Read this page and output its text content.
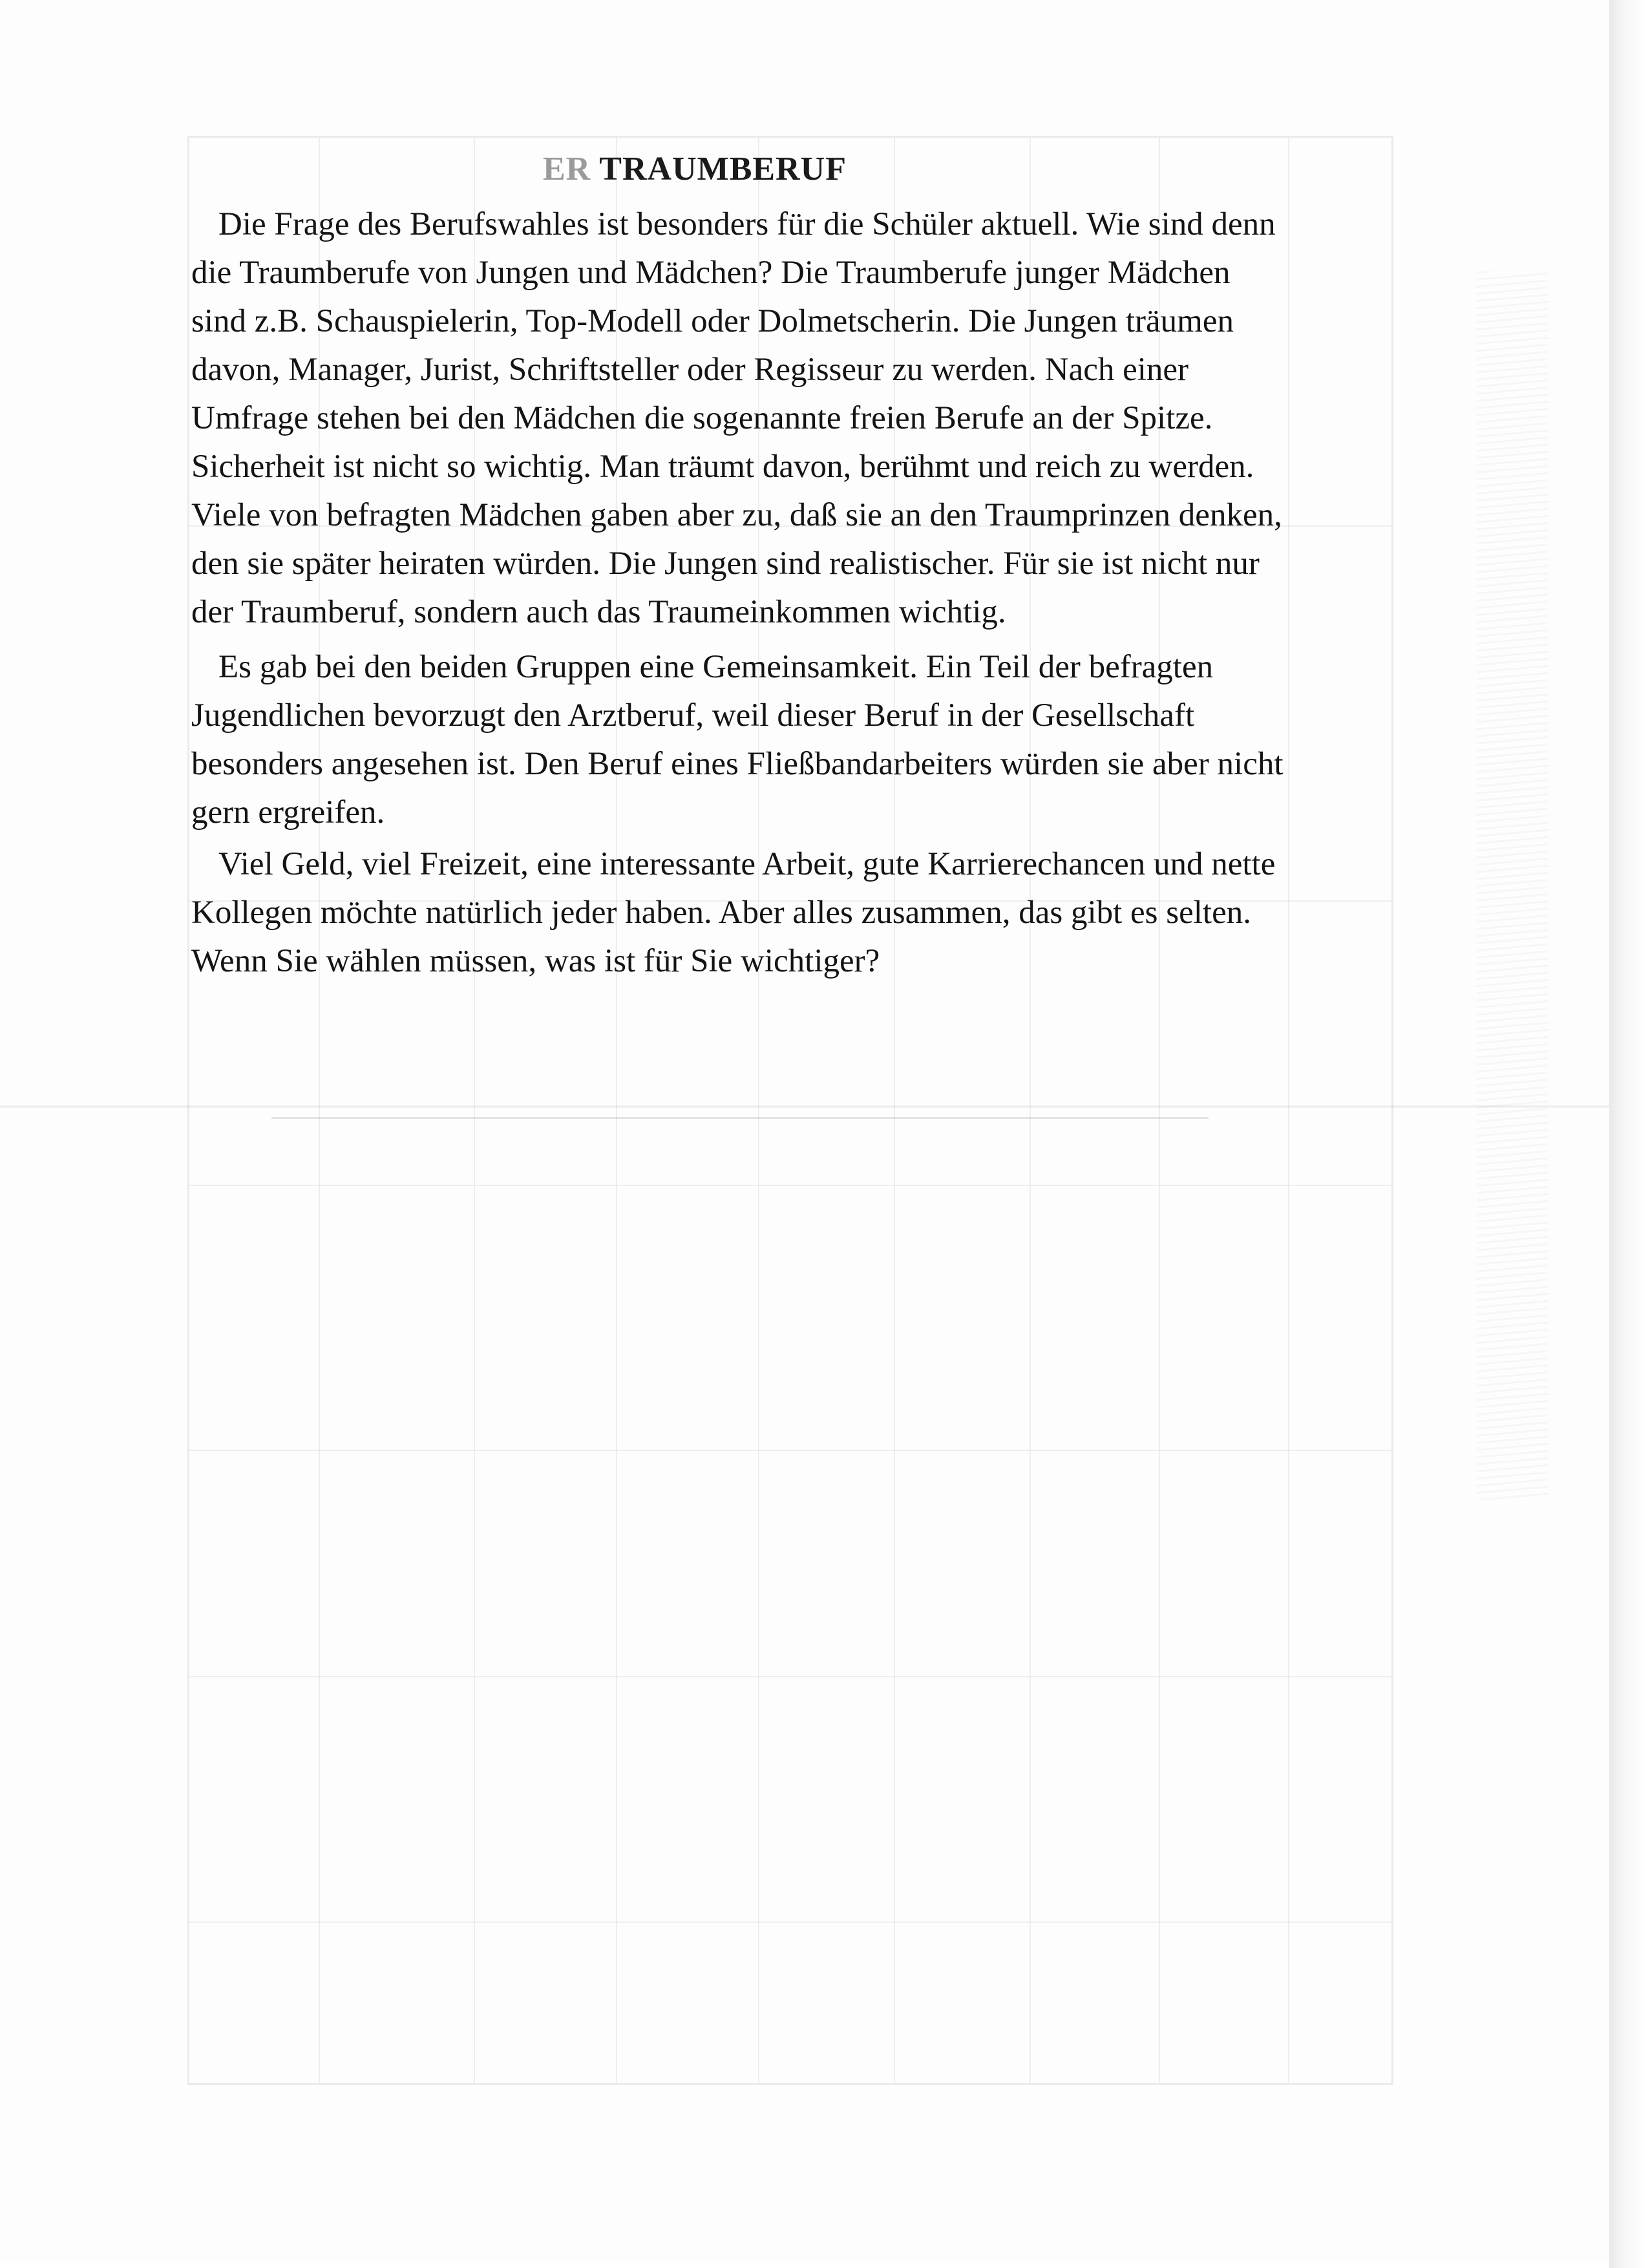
ER TRAUMBERUF

Die Frage des Berufswahles ist besonders für die Schüler aktuell. Wie sind denn

die Traumberufe von Jungen und Mädchen? Die Traumberufe junger Mädchen

sind z.B. Schauspielerin, Top-Modell oder Dolmetscherin. Die Jungen träumen

davon, Manager, Jurist, Schriftsteller oder Regisseur zu werden. Nach einer

Umfrage stehen bei den Mädchen die sogenannte freien Berufe an der Spitze.

Sicherheit ist nicht so wichtig. Man träumt davon, berühmt und reich zu werden.

Viele von befragten Mädchen gaben aber zu, daß sie an den Traumprinzen denken,

den sie später heiraten würden. Die Jungen sind realistischer. Für sie ist nicht nur

der Traumberuf, sondern auch das Traumeinkommen wichtig.

Es gab bei den beiden Gruppen eine Gemeinsamkeit. Ein Teil der befragten

Jugendlichen bevorzugt den Arztberuf, weil dieser Beruf in der Gesellschaft

besonders angesehen ist. Den Beruf eines Fließbandarbeiters würden sie aber nicht

gern ergreifen.

Viel Geld, viel Freizeit, eine interessante Arbeit, gute Karrierechancen und nette

Kollegen möchte natürlich jeder haben. Aber alles zusammen, das gibt es selten.

Wenn Sie wählen müssen, was ist für Sie wichtiger?
